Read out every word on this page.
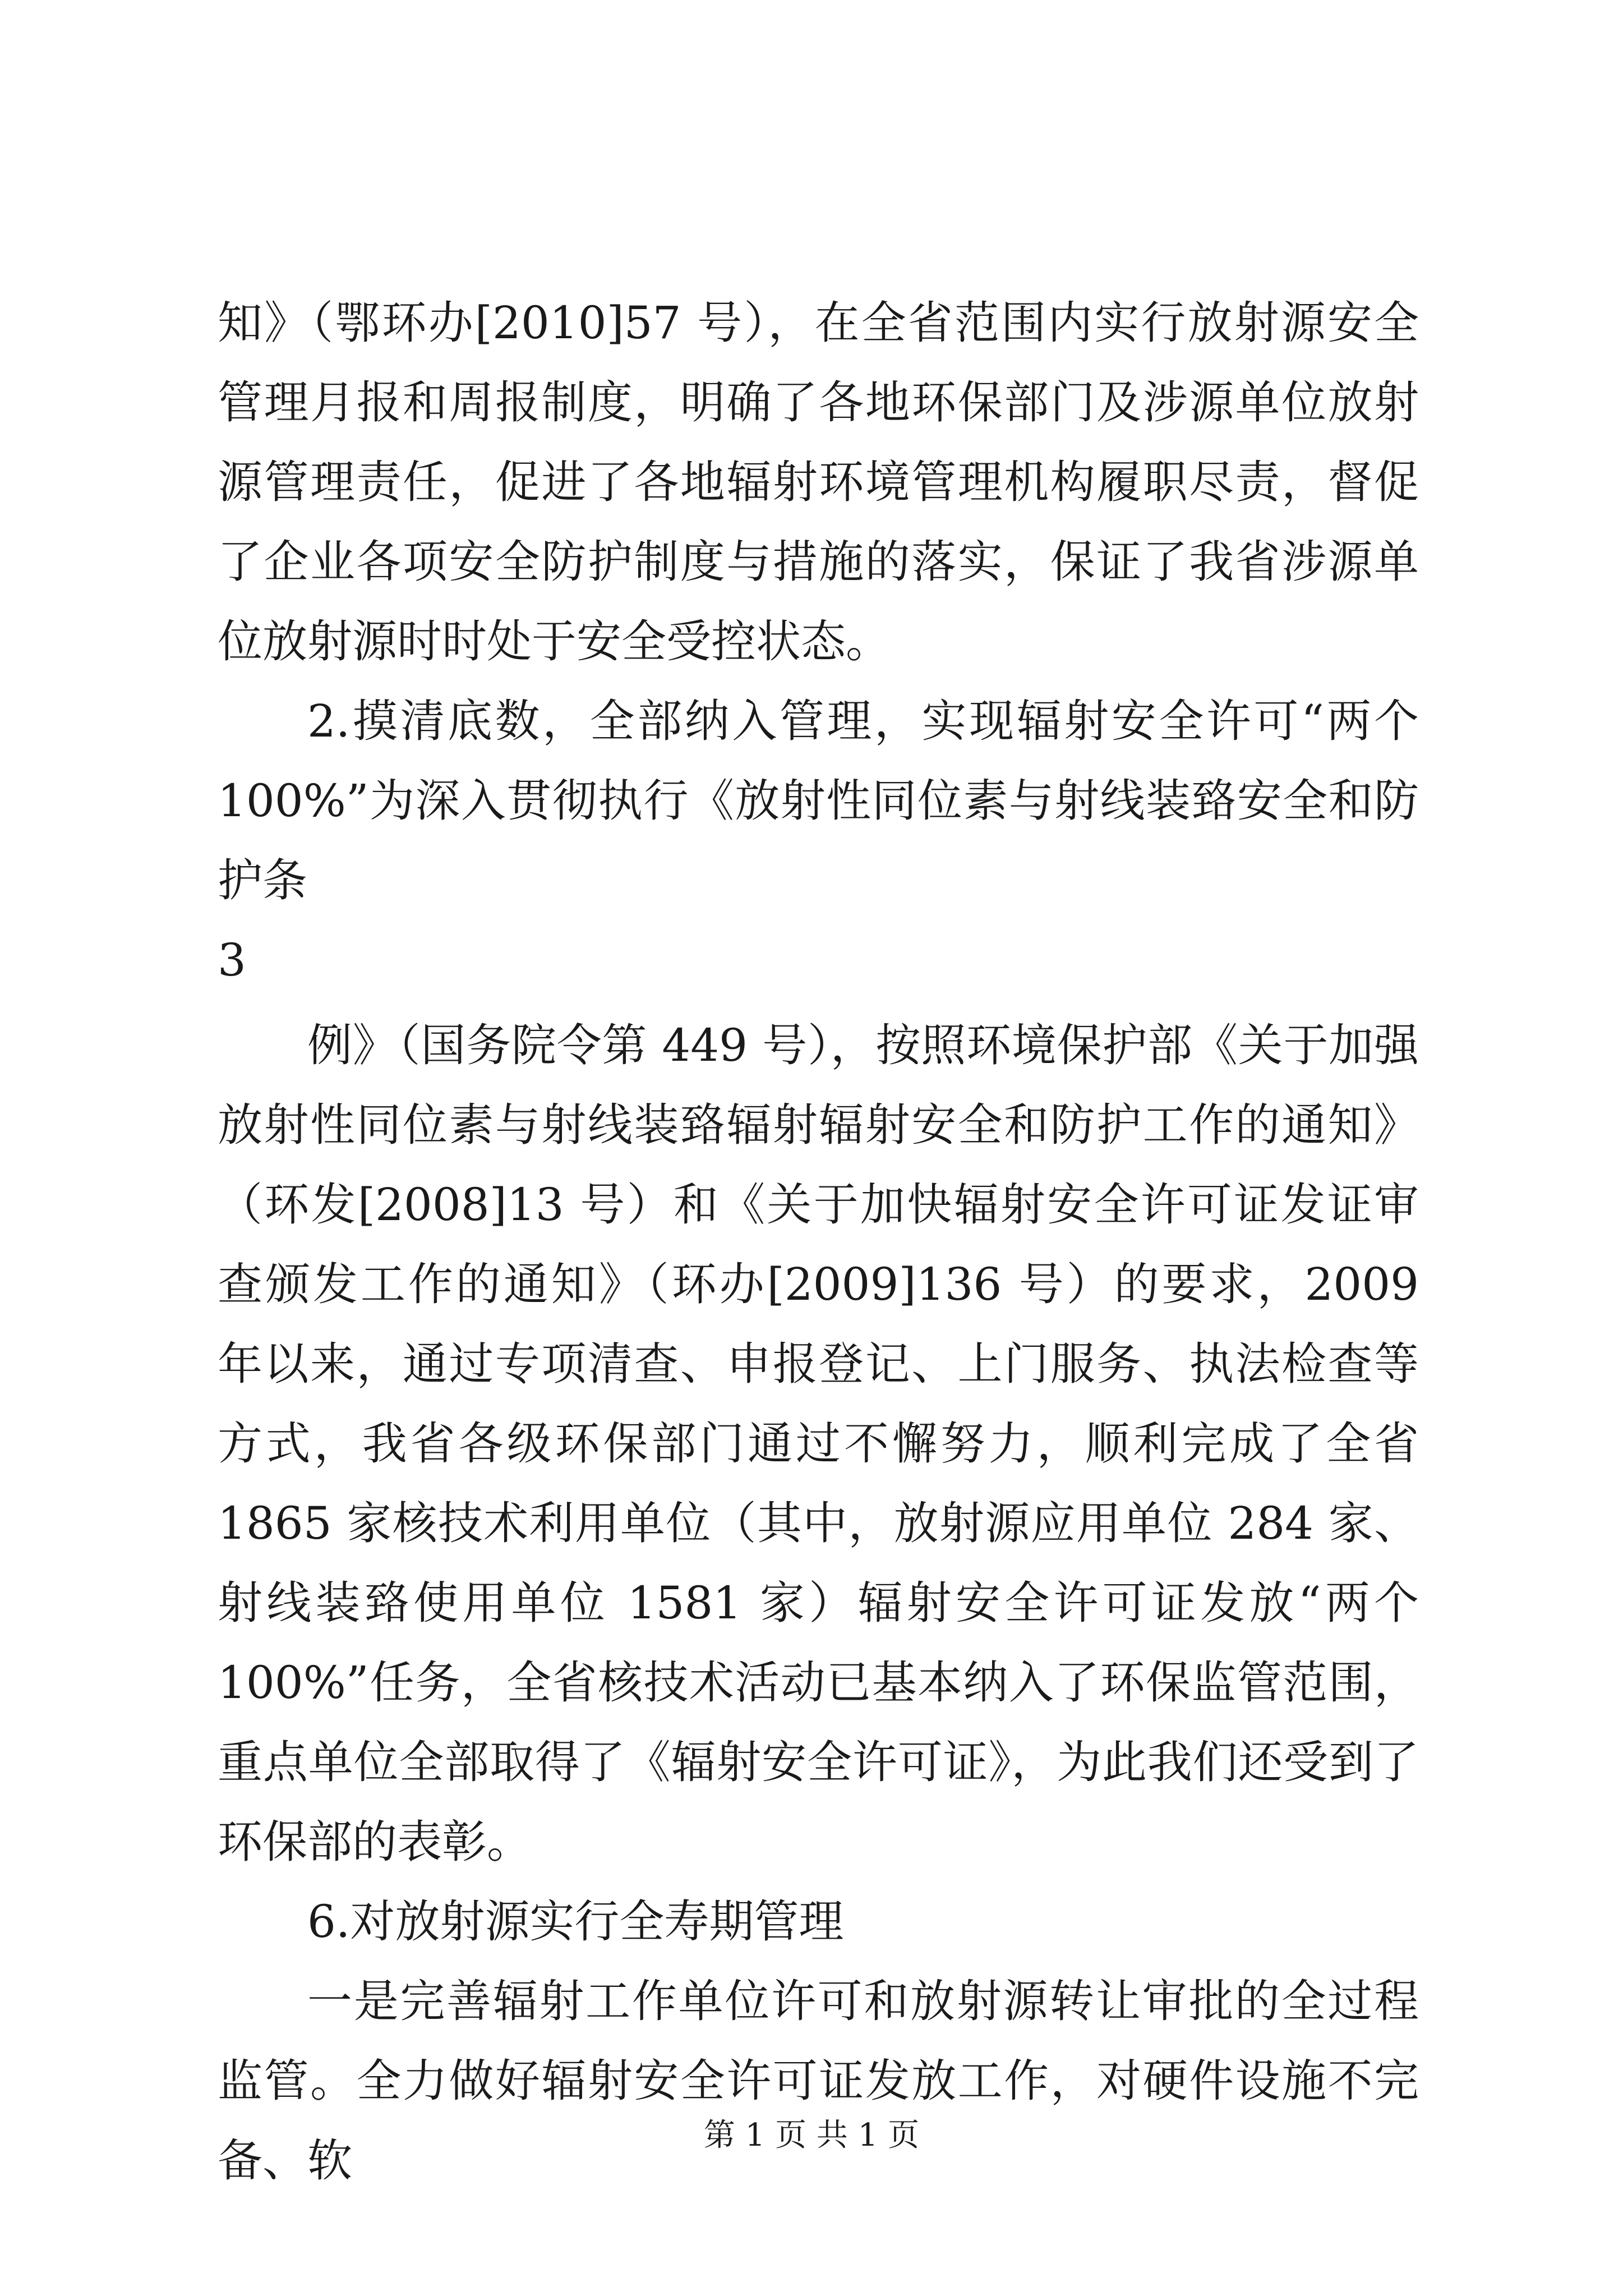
知》（鄂环办[2010]57 号），在全省范围内实行放射源安全管理月报和周报制度，明确了各地环保部门及涉源单位放射源管理责任，促进了各地辐射环境管理机构履职尽责，督促了企业各项安全防护制度与措施的落实，保证了我省涉源单位放射源时时处于安全受控状态。

2.摸清底数，全部纳入管理，实现辐射安全许可“两个100%”为深入贯彻执行《放射性同位素与射线装臵安全和防护条

3

例》（国务院令第 449 号），按照环境保护部《关于加强放射性同位素与射线装臵辐射辐射安全和防护工作的通知》（环发[2008]13 号）和《关于加快辐射安全许可证发证审查颁发工作的通知》（环办[2009]136 号）的要求，2009 年以来，通过专项清查、申报登记、上门服务、执法检查等方式，我省各级环保部门通过不懈努力，顺利完成了全省 1865 家核技术利用单位（其中，放射源应用单位 284 家、射线装臵使用单位 1581 家）辐射安全许可证发放“两个 100%”任务，全省核技术活动已基本纳入了环保监管范围，重点单位全部取得了《辐射安全许可证》，为此我们还受到了环保部的表彰。

6.对放射源实行全寿期管理

一是完善辐射工作单位许可和放射源转让审批的全过程监管。全力做好辐射安全许可证发放工作，对硬件设施不完备、软	第 1 页 共 1 页
